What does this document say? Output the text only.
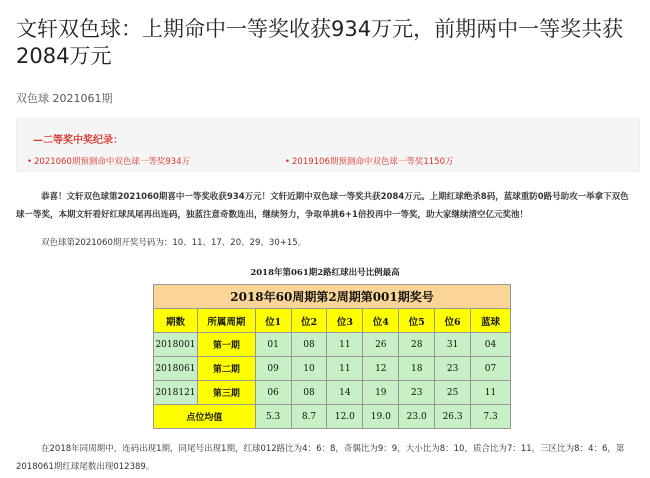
文轩双色球：上期命中一等奖收获934万元，前期两中一等奖共获2084万元
双色球 2021061期
—二等奖中奖纪录：
• 2021060期预测命中双色球一等奖934万	• 2019106期预测命中双色球一等奖1150万

恭喜！文轩双色球第2021060期喜中一等奖收获934万元！文轩近期中双色球一等奖共获2084万元。上期红球绝杀8码，蓝球重防0路号助攻一举拿下双色球一等奖，本期文轩看好红球凤尾再出连码，独蓝注意奇数连出，继续努力，争取单挑6+1倍投再中一等奖，助大家继续清空亿元奖池！

双色球第2021060期开奖号码为：10、11、17、20、29、30+15。

2018年第061期2路红球出号比例最高
2018年60周期第2周期第001期奖号								
期数	所属周期	位1	位2	位3	位4	位5	位6	蓝球
2018001	第一期	01	08	11	26	28	31	04
2018061	第二期	09	10	11	12	18	23	07
2018121	第三期	06	08	14	19	23	25	11
点位均值		5.3	8.7	12.0	19.0	23.0	26.3	7.3

在2018年同周期中，连码出现1期，同尾号出现1期，红球012路比为4：6：8，奇偶比为9：9，大小比为8：10，质合比为7：11，三区比为8：4：6，第2018061期红球尾数出现012389。
